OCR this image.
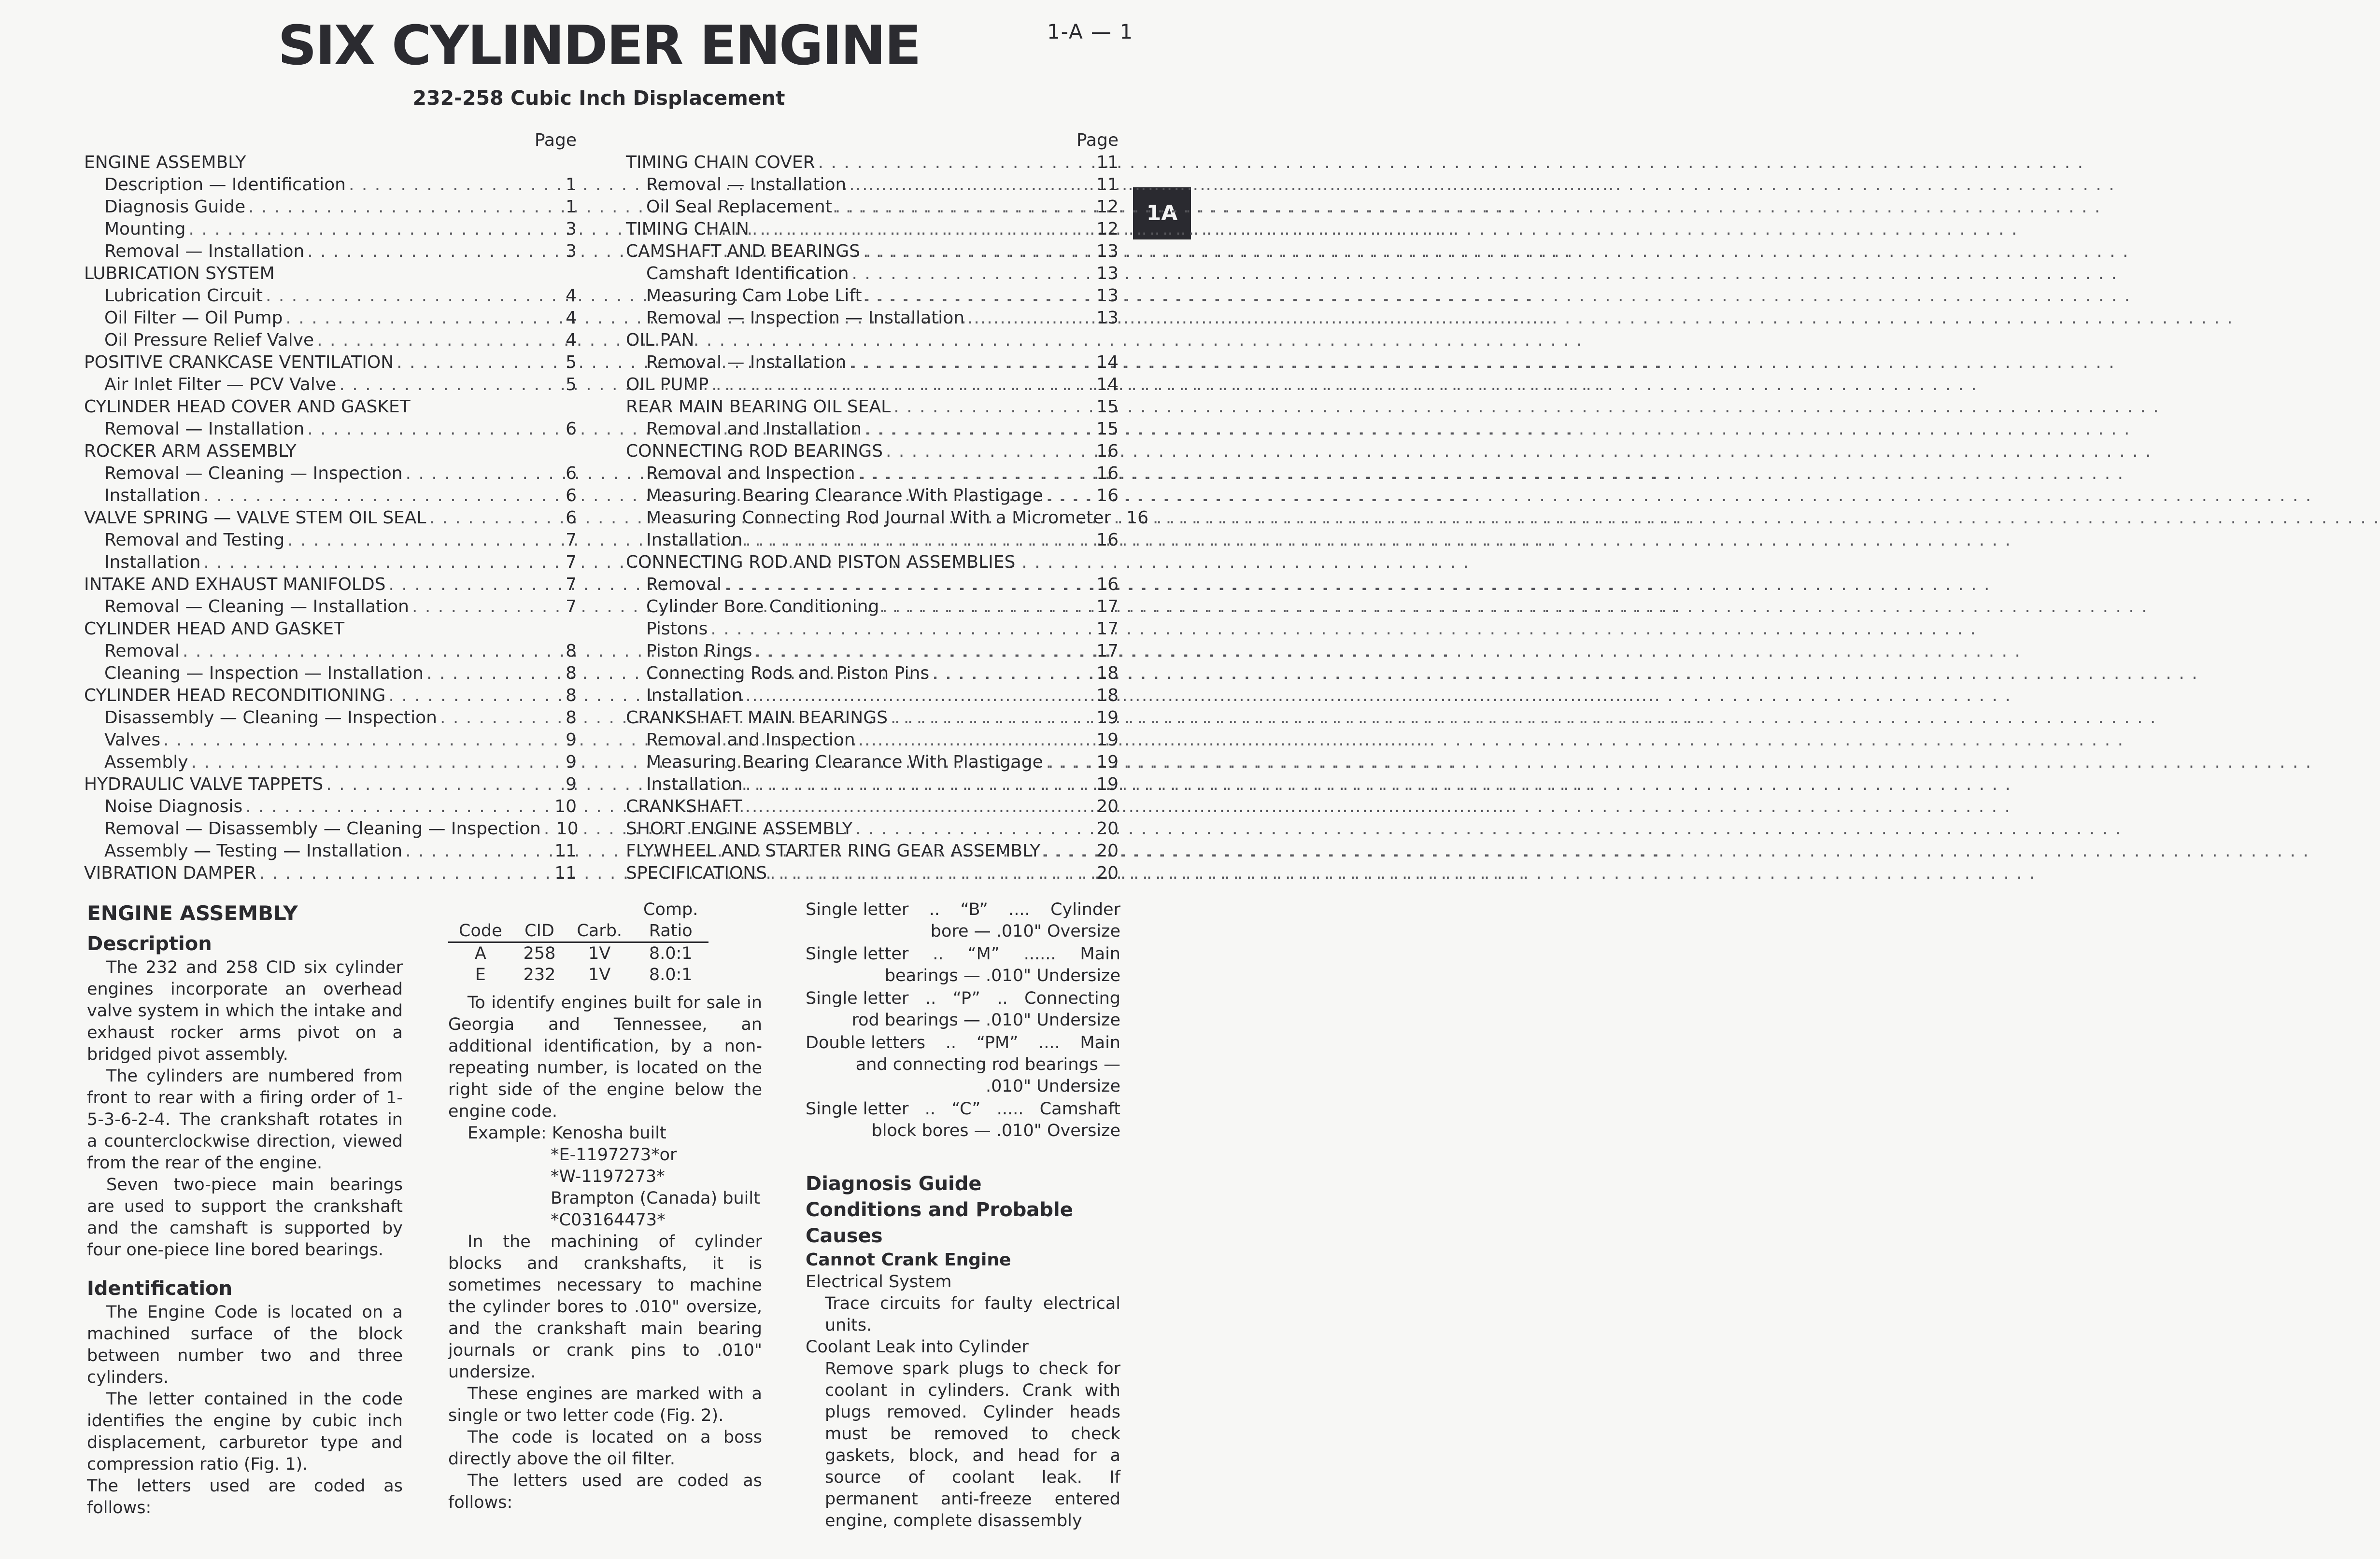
SIX CYLINDER ENGINE	1-A — 1
232-258 Cubic Inch Displacement
1A
Page
ENGINE ASSEMBLY
Description — Identification . . .	1
Diagnosis Guide . . .	1
Mounting . . .	3
Removal — Installation . . .	3
LUBRICATION SYSTEM
Lubrication Circuit . . .	4
Oil Filter — Oil Pump . . .	4
Oil Pressure Relief Valve . . .	4
POSITIVE CRANKCASE VENTILATION . . .	5
Air Inlet Filter — PCV Valve . . .	5
CYLINDER HEAD COVER AND GASKET
Removal — Installation . . .	6
ROCKER ARM ASSEMBLY
Removal — Cleaning — Inspection . . .	6
Installation . . .	6
VALVE SPRING — VALVE STEM OIL SEAL . . .	6
Removal and Testing . . .	7
Installation . . .	7
INTAKE AND EXHAUST MANIFOLDS . . .	7
Removal — Cleaning — Installation . . .	7
CYLINDER HEAD AND GASKET
Removal . . .	8
Cleaning — Inspection — Installation . . .	8
CYLINDER HEAD RECONDITIONING . . .	8
Disassembly — Cleaning — Inspection . . .	8
Valves . . .	9
Assembly . . .	9
HYDRAULIC VALVE TAPPETS . . .	9
Noise Diagnosis . . .	10
Removal — Disassembly — Cleaning — Inspection . . . 10
Assembly — Testing — Installation . . .	11
VIBRATION DAMPER . . .	11
Page
TIMING CHAIN COVER . . .	11
Removal — Installation . . .	11
Oil Seal Replacement . . .	12
TIMING CHAIN . . .	12
CAMSHAFT AND BEARINGS . . .	13
Camshaft Identification . . .	13
Measuring Cam Lobe Lift . . .	13
Removal — Inspection — Installation . . .	13
OIL PAN
Removal — Installation . . .	14
OIL PUMP . . .	14
REAR MAIN BEARING OIL SEAL . . .	15
Removal and Installation . . .	15
CONNECTING ROD BEARINGS . . .	16
Removal and Inspection . . .	16
Measuring Bearing Clearance With Plastigage . . .	16
Measuring Connecting Rod Journal With a Micrometer . . . 16
Installation . . .	16
CONNECTING ROD AND PISTON ASSEMBLIES
Removal . . .	16
Cylinder Bore Conditioning . . .	17
Pistons . . .	17
Piston Rings . . .	17
Connecting Rods and Piston Pins . . .	18
Installation . . .	18
CRANKSHAFT MAIN BEARINGS . . .	19
Removal and Inspection . . .	19
Measuring Bearing Clearance With Plastigage . . .	19
Installation . . .	19
CRANKSHAFT . . .	20
SHORT ENGINE ASSEMBLY . . .	20
FLYWHEEL AND STARTER RING GEAR ASSEMBLY . . .	20
SPECIFICATIONS . . .	20
ENGINE ASSEMBLY
Description

The 232 and 258 CID six cylinder engines incorporate an overhead valve system in which the intake and exhaust rocker arms pivot on a bridged pivot assembly.

The cylinders are numbered from front to rear with a firing order of 1-5-3-6-2-4. The crankshaft rotates in a counterclockwise direction, viewed from the rear of the engine.

Seven two-piece main bearings are used to support the crankshaft and the camshaft is supported by four one-piece line bored bearings.

Identification

The Engine Code is located on a machined surface of the block between number two and three cylinders.

The letter contained in the code identifies the engine by cubic inch displacement, carburetor type and compression ratio (Fig. 1).

The letters used are coded as follows:

			Comp.
Code	CID	Carb.	Ratio
A	258	1V	8.0:1
E	232	1V	8.0:1

To identify engines built for sale in Georgia and Tennessee, an additional identification, by a non-repeating number, is located on the right side of the engine below the engine code.

Example: Kenosha built
*E-1197273*or
*W-1197273*
Brampton (Canada) built
*C03164473*

In the machining of cylinder blocks and crankshafts, it is sometimes necessary to machine the cylinder bores to .010" oversize, and the crankshaft main bearing journals or crank pins to .010" undersize.

These engines are marked with a single or two letter code (Fig. 2).

The code is located on a boss directly above the oil filter.

The letters used are coded as follows:

Single letter .. “B” .... Cylinder
bore — .010" Oversize
Single letter .. “M” ...... Main
bearings — .010" Undersize
Single letter .. “P” .. Connecting
rod bearings — .010" Undersize
Double letters .. “PM” .... Main
and connecting rod bearings — .010" Undersize
Single letter .. “C” ..... Camshaft
block bores — .010" Oversize
Diagnosis Guide
Conditions and Probable Causes
Cannot Crank Engine
Electrical System
Trace circuits for faulty electrical units.
Coolant Leak into Cylinder
Remove spark plugs to check for coolant in cylinders. Crank with plugs removed. Cylinder heads must be removed to check gaskets, block, and head for a source of coolant leak. If permanent anti-freeze entered engine, complete disassembly
